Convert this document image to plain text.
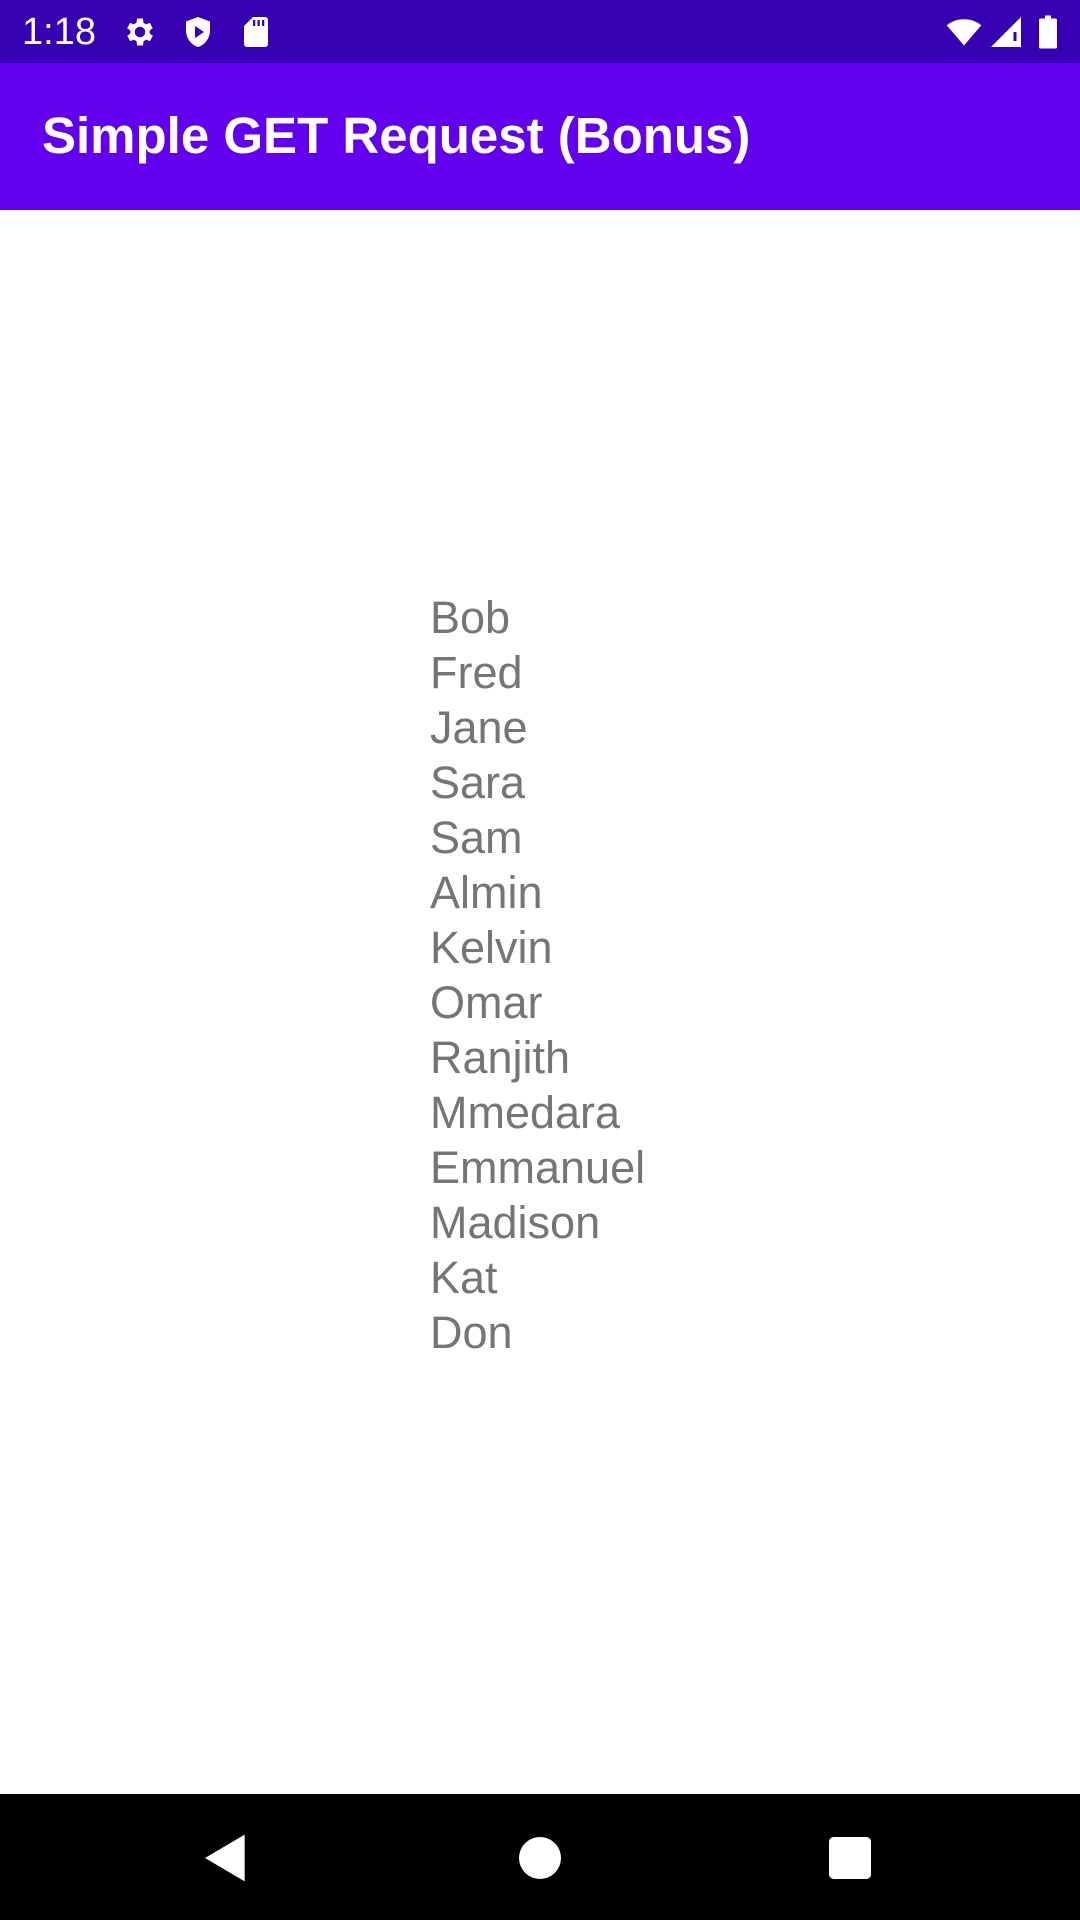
1:18
Simple GET Request (Bonus)
Bob
Fred
Jane
Sara
Sam
Almin
Kelvin
Omar
Ranjith
Mmedara
Emmanuel
Madison
Kat
Don
